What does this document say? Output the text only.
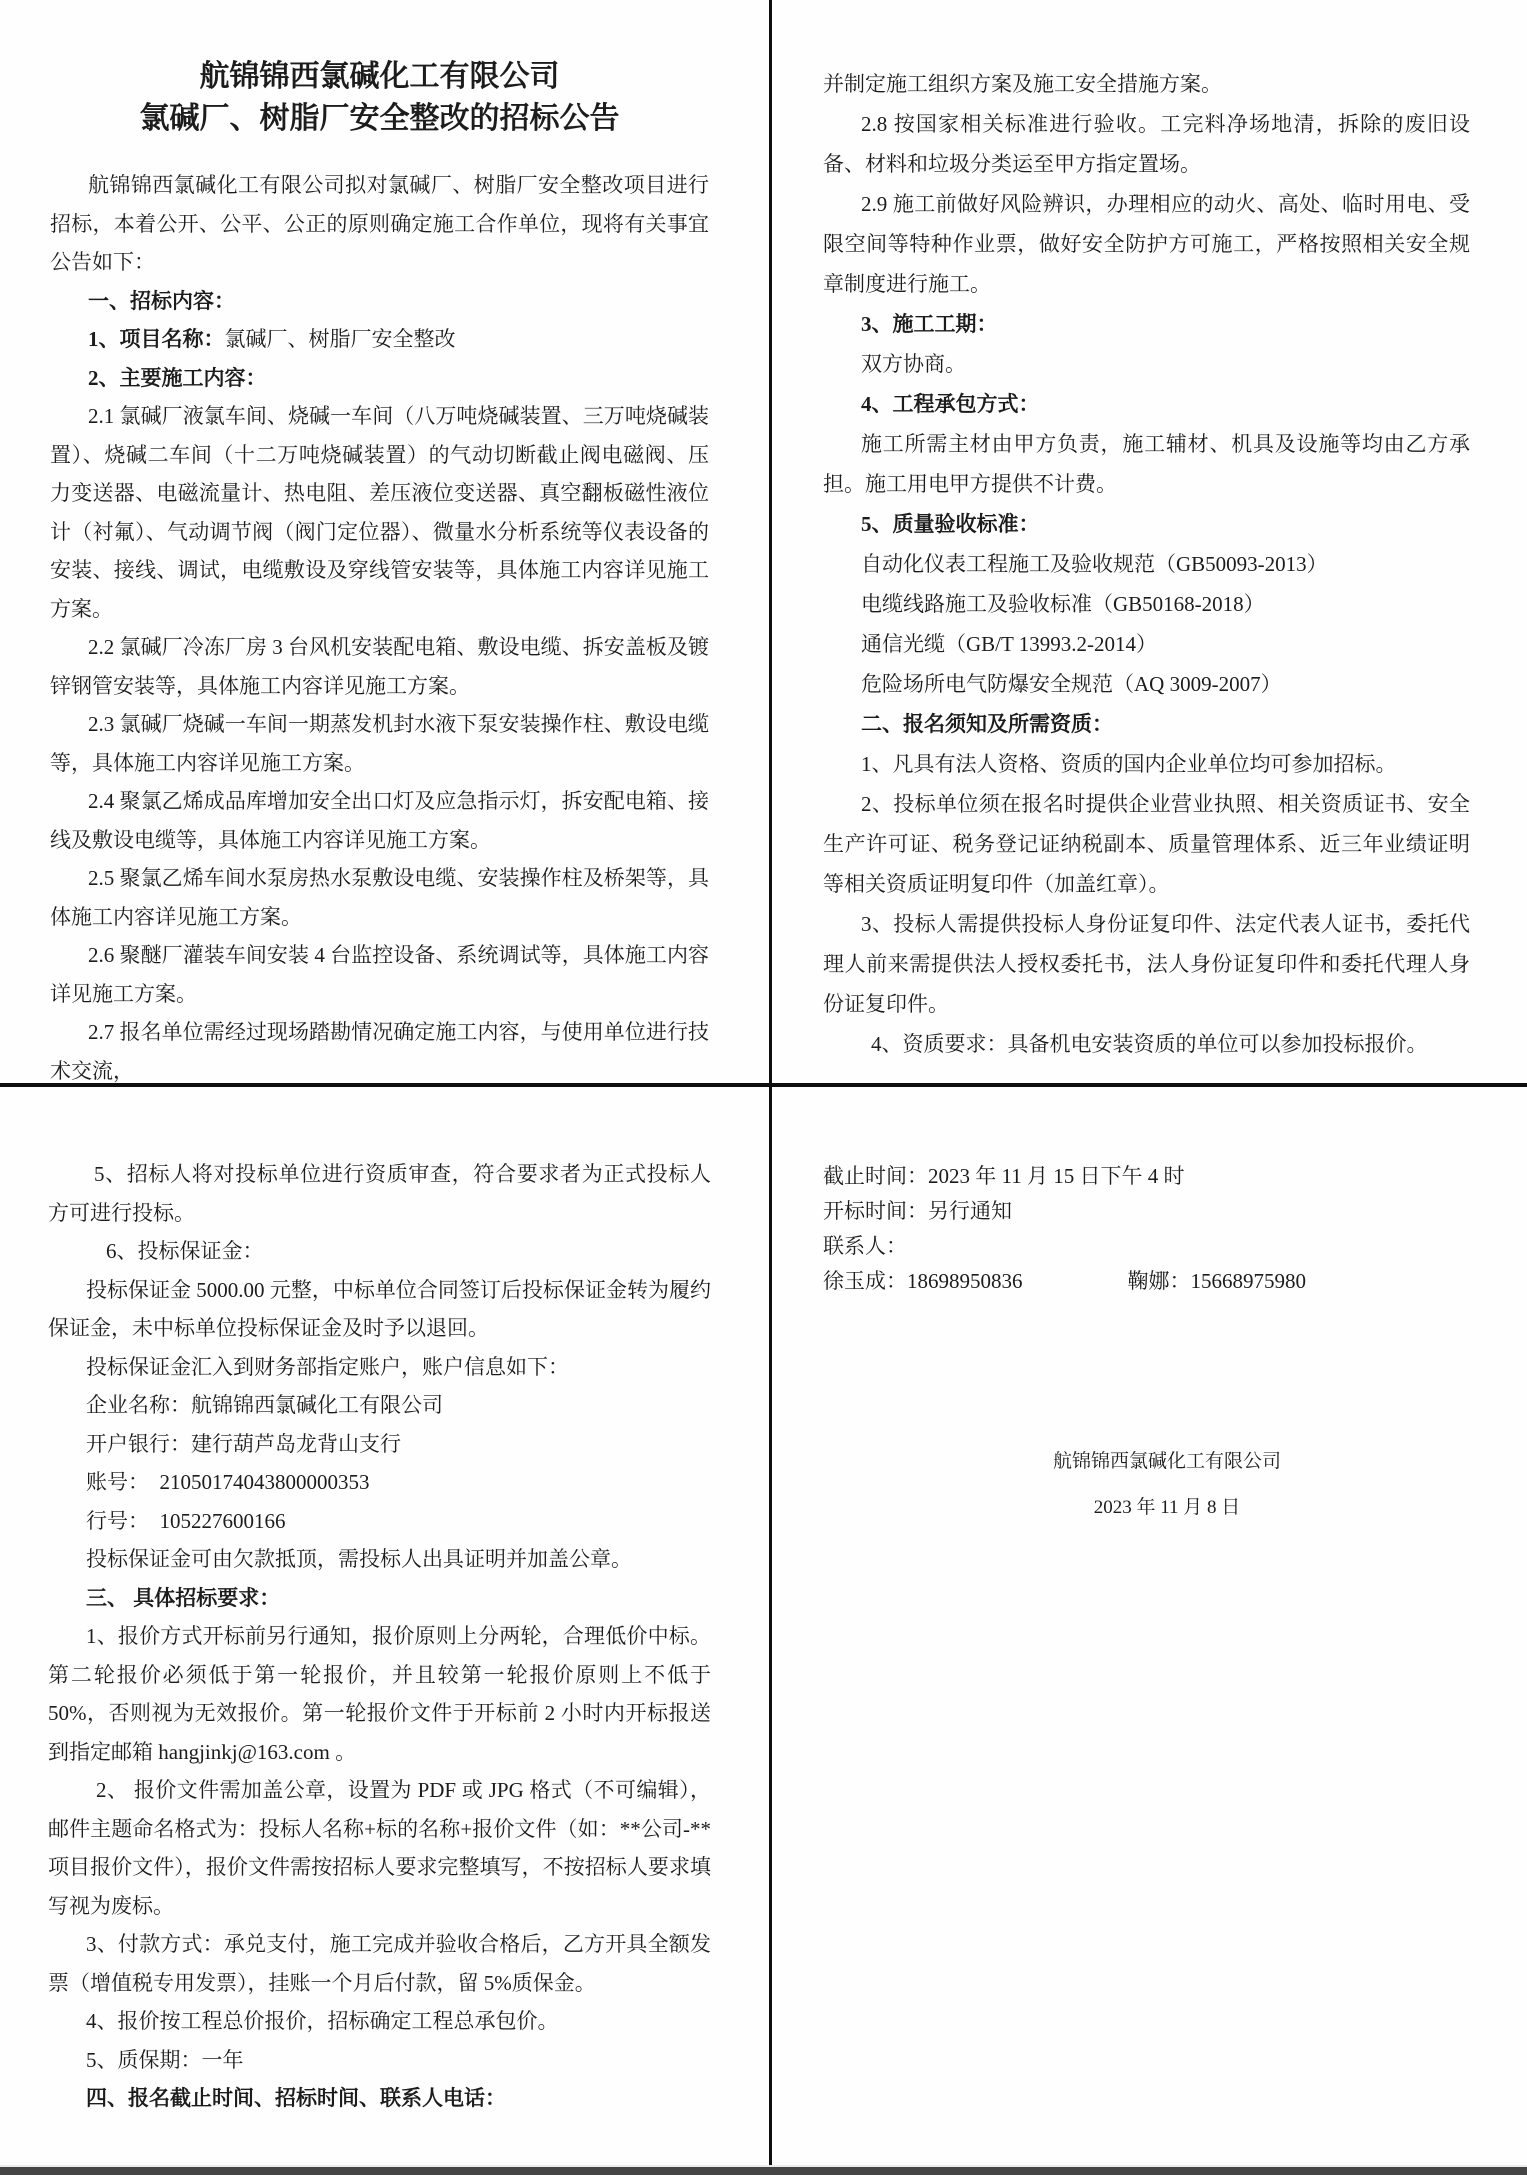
航锦锦西氯碱化工有限公司

氯碱厂、树脂厂安全整改的招标公告

航锦锦西氯碱化工有限公司拟对氯碱厂、树脂厂安全整改项目进行招标，本着公开、公平、公正的原则确定施工合作单位，现将有关事宜公告如下：

一、招标内容：

1、项目名称：氯碱厂、树脂厂安全整改

2、主要施工内容：

2.1 氯碱厂液氯车间、烧碱一车间（八万吨烧碱装置、三万吨烧碱装置）、烧碱二车间（十二万吨烧碱装置）的气动切断截止阀电磁阀、压力变送器、电磁流量计、热电阻、差压液位变送器、真空翻板磁性液位计（衬氟）、气动调节阀（阀门定位器）、微量水分析系统等仪表设备的安装、接线、调试，电缆敷设及穿线管安装等，具体施工内容详见施工方案。

2.2 氯碱厂冷冻厂房 3 台风机安装配电箱、敷设电缆、拆安盖板及镀锌钢管安装等，具体施工内容详见施工方案。

2.3 氯碱厂烧碱一车间一期蒸发机封水液下泵安装操作柱、敷设电缆等，具体施工内容详见施工方案。

2.4 聚氯乙烯成品库增加安全出口灯及应急指示灯，拆安配电箱、接线及敷设电缆等，具体施工内容详见施工方案。

2.5 聚氯乙烯车间水泵房热水泵敷设电缆、安装操作柱及桥架等，具体施工内容详见施工方案。

2.6 聚醚厂灌装车间安装 4 台监控设备、系统调试等，具体施工内容详见施工方案。

2.7 报名单位需经过现场踏勘情况确定施工内容，与使用单位进行技术交流，

并制定施工组织方案及施工安全措施方案。

2.8 按国家相关标准进行验收。工完料净场地清，拆除的废旧设备、材料和垃圾分类运至甲方指定置场。

2.9 施工前做好风险辨识，办理相应的动火、高处、临时用电、受限空间等特种作业票，做好安全防护方可施工，严格按照相关安全规章制度进行施工。

3、施工工期：

双方协商。

4、工程承包方式：

施工所需主材由甲方负责，施工辅材、机具及设施等均由乙方承担。施工用电甲方提供不计费。

5、质量验收标准：

自动化仪表工程施工及验收规范（GB50093-2013）

电缆线路施工及验收标准（GB50168-2018）

通信光缆（GB/T 13993.2-2014）

危险场所电气防爆安全规范（AQ 3009-2007）

二、报名须知及所需资质：

1、凡具有法人资格、资质的国内企业单位均可参加招标。

2、投标单位须在报名时提供企业营业执照、相关资质证书、安全生产许可证、税务登记证纳税副本、质量管理体系、近三年业绩证明等相关资质证明复印件（加盖红章）。

3、投标人需提供投标人身份证复印件、法定代表人证书，委托代理人前来需提供法人授权委托书，法人身份证复印件和委托代理人身份证复印件。

4、资质要求：具备机电安装资质的单位可以参加投标报价。

5、招标人将对投标单位进行资质审查，符合要求者为正式投标人方可进行投标。

6、投标保证金：

投标保证金 5000.00 元整，中标单位合同签订后投标保证金转为履约保证金，未中标单位投标保证金及时予以退回。

投标保证金汇入到财务部指定账户，账户信息如下：

企业名称：航锦锦西氯碱化工有限公司

开户银行：建行葫芦岛龙背山支行

账号：　21050174043800000353

行号：　105227600166

投标保证金可由欠款抵顶，需投标人出具证明并加盖公章。

三、 具体招标要求：

1、报价方式开标前另行通知，报价原则上分两轮，合理低价中标。第二轮报价必须低于第一轮报价，并且较第一轮报价原则上不低于 50%，否则视为无效报价。第一轮报价文件于开标前 2 小时内开标报送到指定邮箱 hangjinkj@163.com 。

2、 报价文件需加盖公章，设置为 PDF 或 JPG 格式（不可编辑），邮件主题命名格式为：投标人名称+标的名称+报价文件（如：**公司-**项目报价文件），报价文件需按招标人要求完整填写，不按招标人要求填写视为废标。

3、付款方式：承兑支付，施工完成并验收合格后，乙方开具全额发票（增值税专用发票），挂账一个月后付款，留 5%质保金。

4、报价按工程总价报价，招标确定工程总承包价。

5、质保期：一年

四、报名截止时间、招标时间、联系人电话：

截止时间：2023 年 11 月 15 日下午 4 时

开标时间：另行通知

联系人：

徐玉成：18698950836　　　　　	鞠娜：15668975980

航锦锦西氯碱化工有限公司

2023 年 11 月 8 日
